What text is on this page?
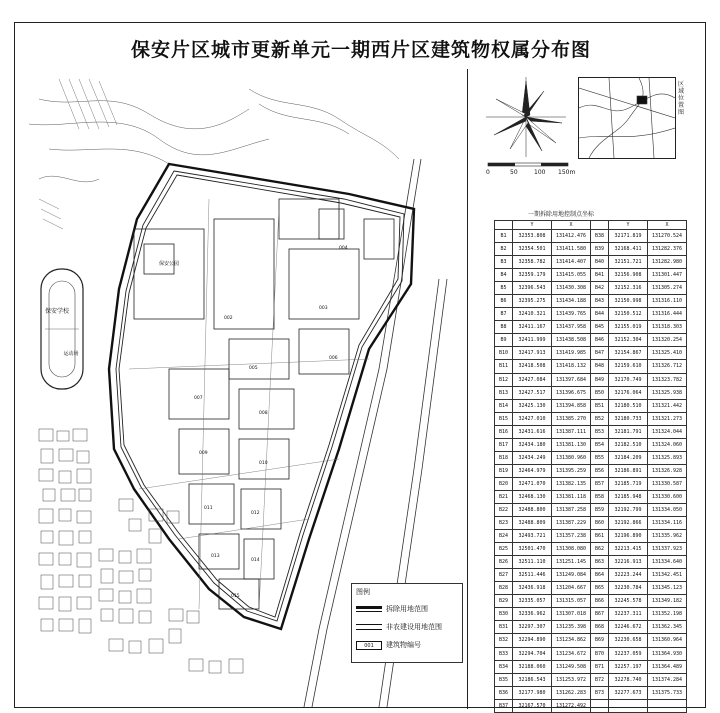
保安片区城市更新单元一期西片区建筑物权属分布图
保安学校
运动场
002
003
004
005
006
007
008
009
010
011
012
013
014
015
保安公园
0	50	100 150m
区域位置图
一期拆除用地控制点坐标
	Y	X		Y	X
B1	32353.808	131412.476	B38	32171.819	131270.524
B2	32354.501	131411.580	B39	32168.411	131282.376
B3	32358.782	131414.407	B40	32151.721	131282.980
B4	32359.179	131415.055	B41	32156.908	131301.447
B5	32396.543	131430.308	B42	32152.316	131305.274
B6	32395.275	131434.188	B43	32150.998	131316.110
B7	32410.321	131439.765	B44	32150.512	131316.444
B8	32411.167	131437.958	B45	32155.019	131318.303
B9	32411.999	131438.508	B46	32152.304	131320.254
B10	32417.913	131419.985	B47	32154.867	131325.410
B11	32418.508	131418.132	B48	32159.610	131326.712
B12	32427.084	131397.684	B49	32170.749	131323.782
B13	32427.517	131396.675	B50	32176.064	131325.938
B14	32425.130	131394.858	B51	32180.510	131321.442
B15	32427.010	131385.270	B52	32180.733	131321.273
B16	32431.616	131387.111	B53	32181.791	131324.044
B17	32434.180	131381.130	B54	32182.510	131324.060
B18	32434.249	131380.960	B55	32184.209	131325.893
B19	32464.979	131395.259	B56	32186.891	131326.928
B20	32471.070	131382.135	B57	32185.719	131330.587
B21	32468.130	131381.118	B58	32185.948	131330.600
B22	32488.800	131387.258	B59	32192.799	131334.050
B23	32488.809	131387.229	B60	32192.866	131334.116
B24	32493.721	131357.238	B61	32196.890	131335.962
B25	32501.470	131308.080	B62	32213.415	131337.923
B26	32511.110	131251.145	B63	32216.913	131334.640
B27	32511.446	131249.084	B64	32223.244	131342.451
B28	32436.918	131204.667	B65	32230.784	131345.123
B29	32335.057	131315.057	B66	32245.578	131349.182
B30	32336.962	131307.018	B67	32237.311	131352.198
B31	32297.307	131235.398	B68	32246.672	131362.345
B32	32294.890	131234.862	B69	32230.658	131360.964
B33	32294.704	131234.672	B70	32237.059	131364.930
B34	32188.060	131249.508	B71	32257.197	131364.489
B35	32186.543	131253.972	B72	32278.740	131374.284
B36	32177.980	131262.283	B73	32277.673	131375.733
B37	32167.570	131272.492			
图例
拆除用地范围
非农建设用地范围
001	建筑物编号
